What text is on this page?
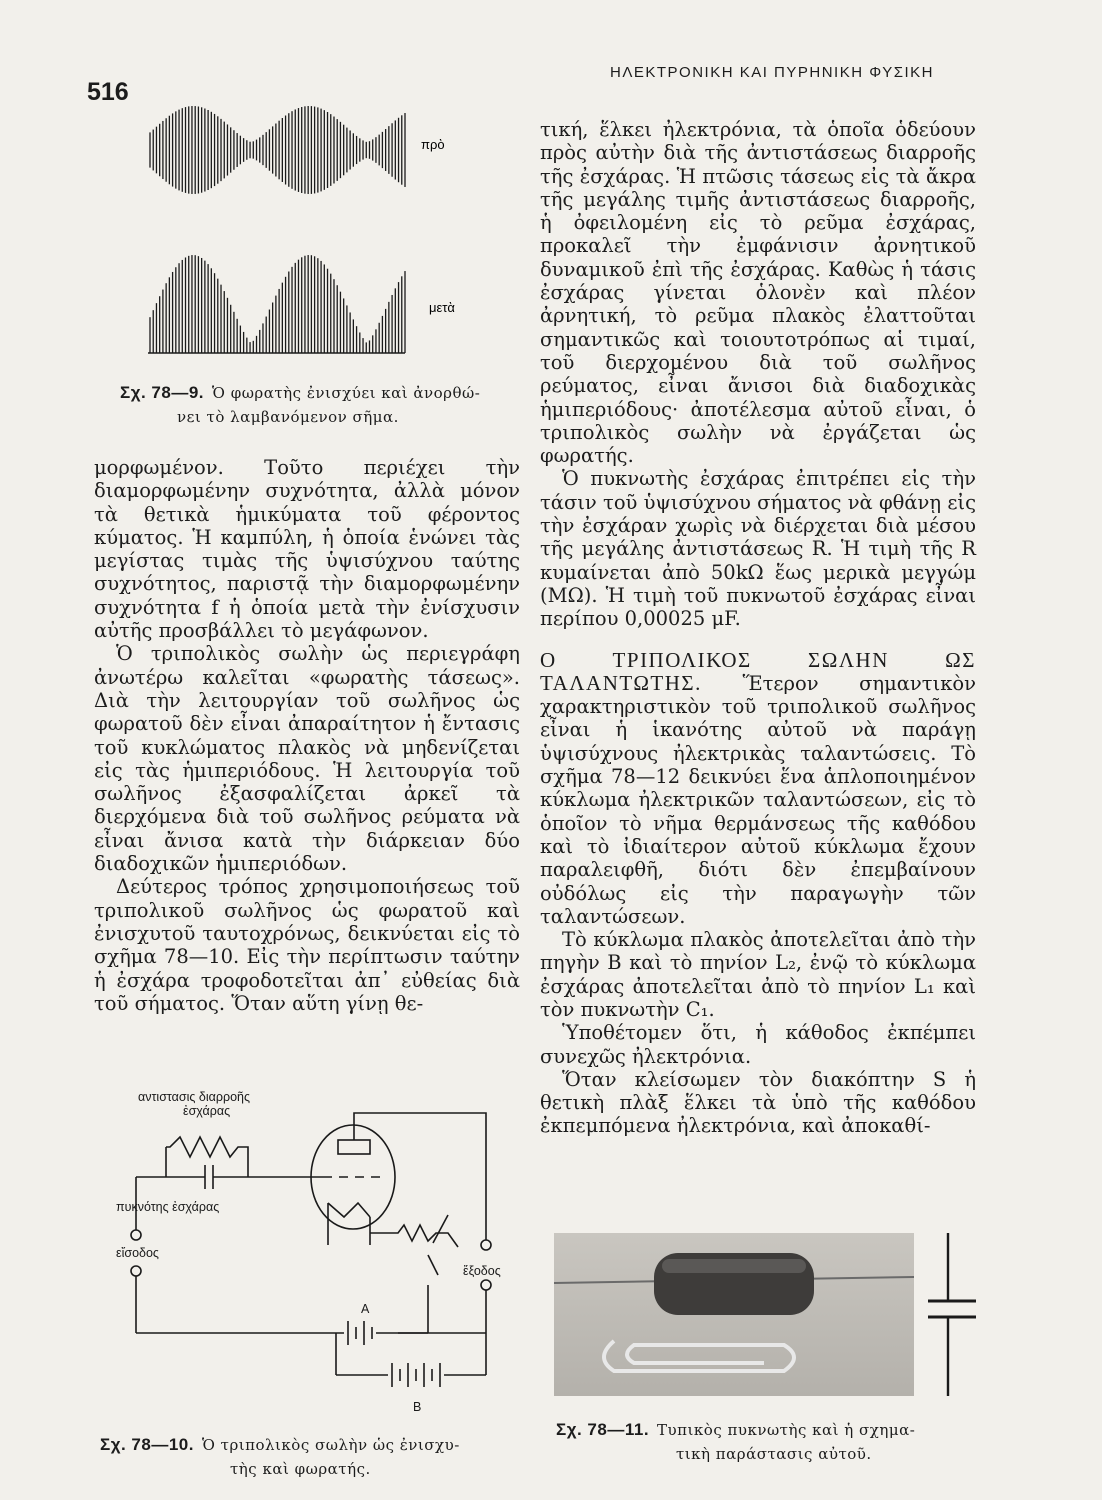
516
ΗΛΕΚΤΡΟΝΙΚΗ ΚΑΙ ΠΥΡΗΝΙΚΗ ΦΥΣΙΚΗ
πρὸ
μετὰ
Σχ. 78—9. Ὁ φωρατὴς ἐνισχύει καὶ ἀνορθώ-
νει τὸ λαμβανόμενον σῆμα.

μορφωμένον. Τοῦτο περιέχει τὴν διαμορφωμένην συχνότητα, ἀλλὰ μόνον τὰ θετικὰ ἡμικύματα τοῦ φέροντος κύματος. Ἡ καμπύλη, ἡ ὁποία ἑνώνει τὰς μεγίστας τιμὰς τῆς ὑψισύχνου ταύτης συχνότητος, παριστᾷ τὴν διαμορφωμένην συχνότητα f ἡ ὁποία μετὰ τὴν ἐνίσχυσιν αὐτῆς προσβάλλει τὸ μεγάφωνον.

Ὁ τριπολικὸς σωλὴν ὡς περιεγράφη ἀνωτέρω καλεῖται «φωρατὴς τάσεως». Διὰ τὴν λειτουργίαν τοῦ σωλῆνος ὡς φωρατοῦ δὲν εἶναι ἀπαραίτητον ἡ ἔντασις τοῦ κυκλώματος πλακὸς νὰ μηδενίζεται εἰς τὰς ἡμιπεριόδους. Ἡ λειτουργία τοῦ σωλῆνος ἐξασφαλίζεται ἀρκεῖ τὰ διερχόμενα διὰ τοῦ σωλῆνος ρεύματα νὰ εἶναι ἄνισα κατὰ τὴν διάρκειαν δύο διαδοχικῶν ἡμιπεριόδων.

Δεύτερος τρόπος χρησιμοποιήσεως τοῦ τριπολικοῦ σωλῆνος ὡς φωρατοῦ καὶ ἐνισχυτοῦ ταυτοχρόνως, δεικνύεται εἰς τὸ σχῆμα 78—10. Εἰς τὴν περίπτωσιν ταύτην ἡ ἐσχάρα τροφοδοτεῖται ἀπ᾽ εὐθείας διὰ τοῦ σήματος. Ὅταν αὕτη γίνῃ θε-

αντιστασις διαρροῆς
ἐσχάρας
πυκνότης ἐσχάρας
εἴσοδος
ἔξοδος
A
B
Σχ. 78—10. Ὁ τριπολικὸς σωλὴν ὡς ἐνισχυ-
τὴς καὶ φωρατής.

τική, ἕλκει ἠλεκτρόνια, τὰ ὁποῖα ὁδεύουν πρὸς αὐτὴν διὰ τῆς ἀντιστάσεως διαρροῆς τῆς ἐσχάρας. Ἡ πτῶσις τάσεως εἰς τὰ ἄκρα τῆς μεγάλης τιμῆς ἀντιστάσεως διαρροῆς, ἡ ὀφειλομένη εἰς τὸ ρεῦμα ἐσχάρας, προκαλεῖ τὴν ἐμφάνισιν ἀρνητικοῦ δυναμικοῦ ἐπὶ τῆς ἐσχάρας. Καθὼς ἡ τάσις ἐσχάρας γίνεται ὁλονὲν καὶ πλέον ἀρνητική, τὸ ρεῦμα πλακὸς ἐλαττοῦται σημαντικῶς καὶ τοιουτοτρόπως αἱ τιμαί, τοῦ διερχομένου διὰ τοῦ σωλῆνος ρεύματος, εἶναι ἄνισοι διὰ διαδοχικὰς ἡμιπεριόδους· ἀποτέλεσμα αὐτοῦ εἶναι, ὁ τριπολικὸς σωλὴν νὰ ἐργάζεται ὡς φωρατής.

Ὁ πυκνωτὴς ἐσχάρας ἐπιτρέπει εἰς τὴν τάσιν τοῦ ὑψισύχνου σήματος νὰ φθάνῃ εἰς τὴν ἐσχάραν χωρὶς νὰ διέρχεται διὰ μέσου τῆς μεγάλης ἀντιστάσεως R. Ἡ τιμὴ τῆς R κυμαίνεται ἀπὸ 50kΩ ἕως μερικὰ μεγγώμ (ΜΩ). Ἡ τιμὴ τοῦ πυκνωτοῦ ἐσχάρας εἶναι περίπου 0,00025 μF.

Ο ΤΡΙΠΟΛΙΚΟΣ ΣΩΛΗΝ ΩΣ ΤΑΛΑΝΤΩΤΗΣ. Ἕτερον σημαντικὸν χαρακτηριστικὸν τοῦ τριπολικοῦ σωλῆνος εἶναι ἡ ἱκανότης αὐτοῦ νὰ παράγῃ ὑψισύχνους ἠλεκτρικὰς ταλαντώσεις. Τὸ σχῆμα 78—12 δεικνύει ἕνα ἁπλοποιημένον κύκλωμα ἠλεκτρικῶν ταλαντώσεων, εἰς τὸ ὁποῖον τὸ νῆμα θερμάνσεως τῆς καθόδου καὶ τὸ ἰδιαίτερον αὐτοῦ κύκλωμα ἔχουν παραλειφθῆ, διότι δὲν ἐπεμβαίνουν οὐδόλως εἰς τὴν παραγωγὴν τῶν ταλαντώσεων.

Τὸ κύκλωμα πλακὸς ἀποτελεῖται ἀπὸ τὴν πηγὴν B καὶ τὸ πηνίον L₂, ἐνῷ τὸ κύκλωμα ἐσχάρας ἀποτελεῖται ἀπὸ τὸ πηνίον L₁ καὶ τὸν πυκνωτὴν C₁.

Ὑποθέτομεν ὅτι, ἡ κάθοδος ἐκπέμπει συνεχῶς ἠλεκτρόνια.

Ὅταν κλείσωμεν τὸν διακόπτην S ἡ θετικὴ πλὰξ ἕλκει τὰ ὑπὸ τῆς καθόδου ἐκπεμπόμενα ἠλεκτρόνια, καὶ ἀποκαθί-

Σχ. 78—11. Τυπικὸς πυκνωτὴς καὶ ἡ σχημα-
τικὴ παράστασις αὐτοῦ.
